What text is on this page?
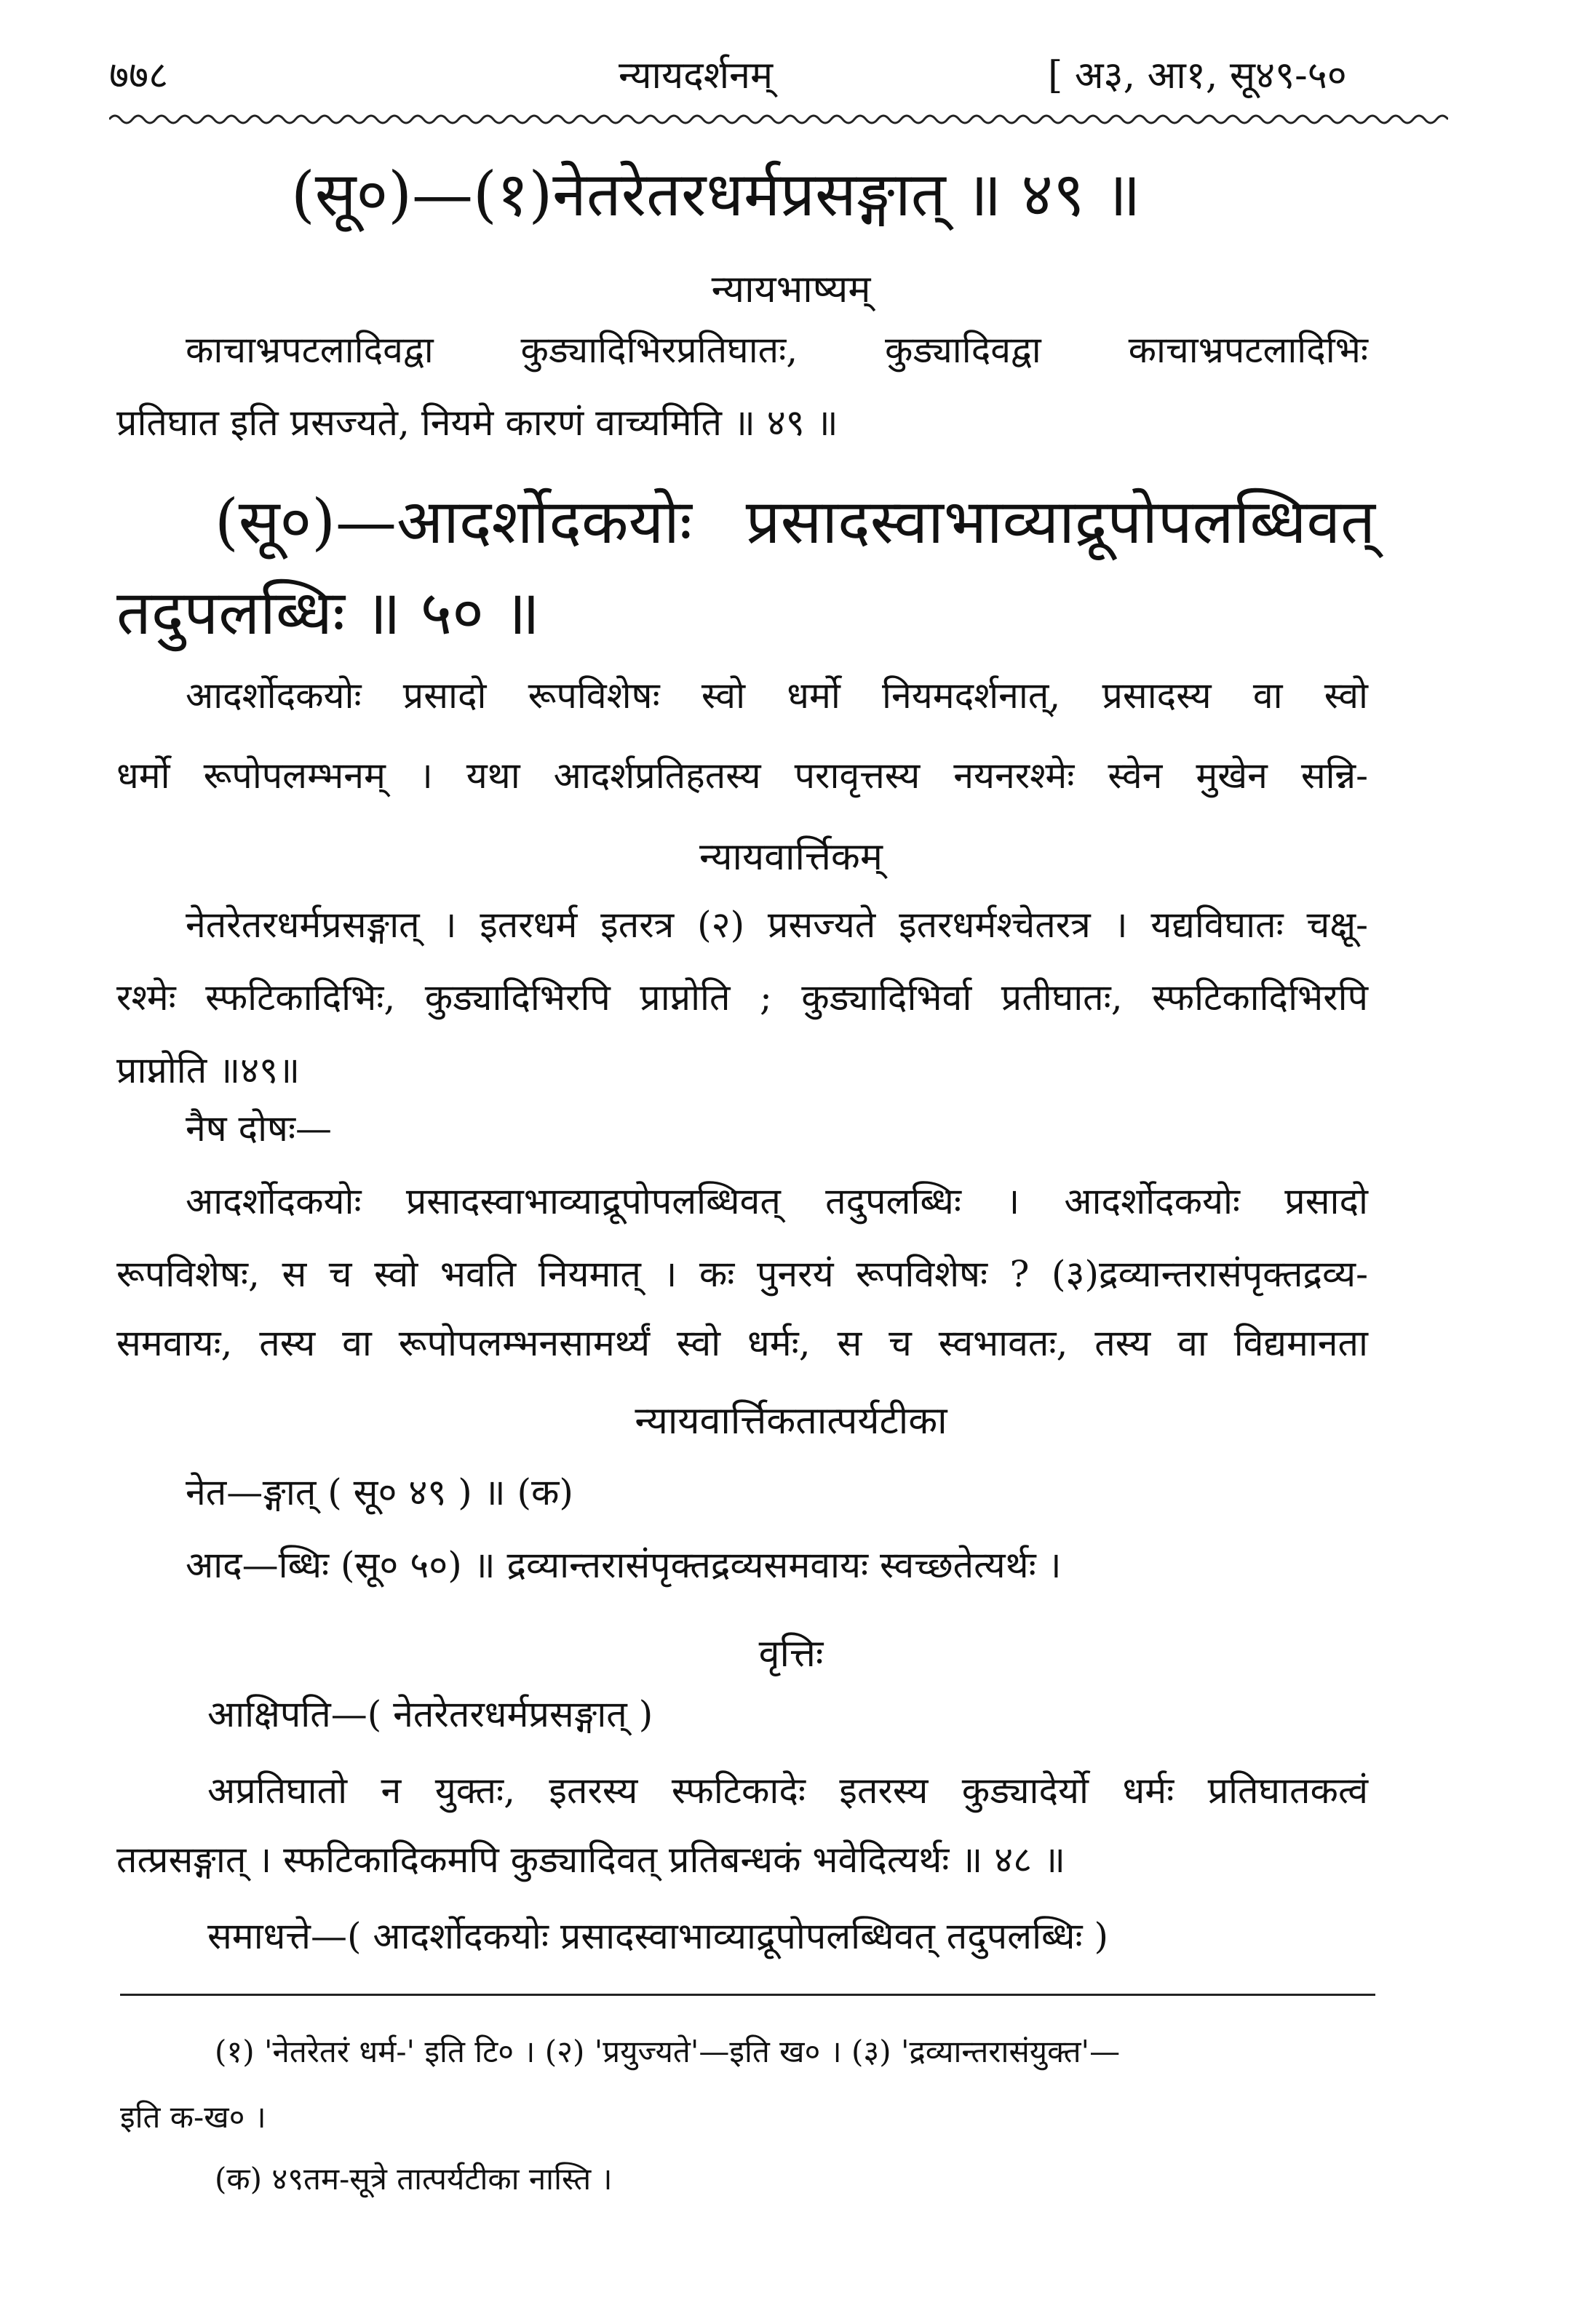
७७८	न्यायदर्शनम्	[ अ३, आ१, सू४९-५०
(सू०)—(१)नेतरेतरधर्मप्रसङ्गात् ॥ ४९ ॥
न्यायभाष्यम्
काचाभ्रपटलादिवद्वा कुड्यादिभिरप्रतिघातः, कुड्यादिवद्वा काचाभ्रपटलादिभिः
प्रतिघात इति प्रसज्यते, नियमे कारणं वाच्यमिति ॥ ४९ ॥
(सू०)—आदर्शोदकयोः प्रसादस्वाभाव्याद्रूपोपलब्धिवत्
तदुपलब्धिः ॥ ५० ॥
आदर्शोदकयोः प्रसादो रूपविशेषः स्वो धर्मो नियमदर्शनात्, प्रसादस्य वा स्वो
धर्मो रूपोपलम्भनम् । यथा आदर्शप्रतिहतस्य परावृत्तस्य नयनरश्मेः स्वेन मुखेन सन्नि-
न्यायवार्त्तिकम्
नेतरेतरधर्मप्रसङ्गात् । इतरधर्म इतरत्र (२) प्रसज्यते इतरधर्मश्चेतरत्र । यद्यविघातः चक्षू-
रश्मेः स्फटिकादिभिः, कुड्यादिभिरपि प्राप्नोति ; कुड्यादिभिर्वा प्रतीघातः, स्फटिकादिभिरपि
प्राप्नोति ॥४९॥
नैष दोषः—
आदर्शोदकयोः प्रसादस्वाभाव्याद्रूपोपलब्धिवत् तदुपलब्धिः । आदर्शोदकयोः प्रसादो
रूपविशेषः, स च स्वो भवति नियमात् । कः पुनरयं रूपविशेषः ? (३)द्रव्यान्तरासंपृक्तद्रव्य-
समवायः, तस्य वा रूपोपलम्भनसामर्थ्यं स्वो धर्मः, स च स्वभावतः, तस्य वा विद्यमानता
न्यायवार्त्तिकतात्पर्यटीका
नेत—ङ्गात् ( सू० ४९ ) ॥ (क)
आद—ब्धिः (सू० ५०) ॥ द्रव्यान्तरासंपृक्तद्रव्यसमवायः स्वच्छतेत्यर्थः ।
वृत्तिः
आक्षिपति—( नेतरेतरधर्मप्रसङ्गात् )
अप्रतिघातो न युक्तः, इतरस्य स्फटिकादेः इतरस्य कुड्यादेर्यो धर्मः प्रतिघातकत्वं
तत्प्रसङ्गात् । स्फटिकादिकमपि कुड्यादिवत् प्रतिबन्धकं भवेदित्यर्थः ॥ ४८ ॥
समाधत्ते—( आदर्शोदकयोः प्रसादस्वाभाव्याद्रूपोपलब्धिवत् तदुपलब्धिः )
(१) 'नेतरेतरं धर्म-' इति टि० । (२) 'प्रयुज्यते'—इति ख० । (३) 'द्रव्यान्तरासंयुक्त'—
इति क-ख० ।
(क) ४९तम-सूत्रे तात्पर्यटीका नास्ति ।
